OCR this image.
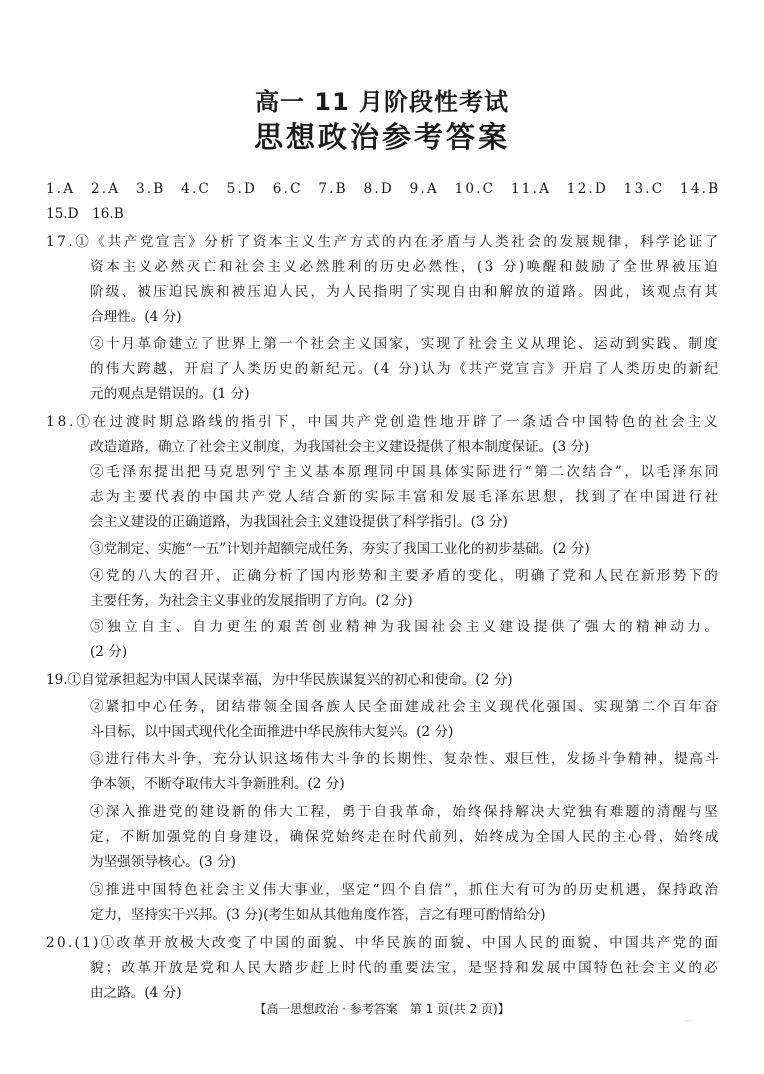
高一 11 月阶段性考试
思想政治参考答案
1.A　2.A　3.B　4.C　5.D　6.C　7.B　8.D　9.A　10.C　11.A　12.D　13.C　14.B
15.D　16.B
17.①《共产党宣言》分析了资本主义生产方式的内在矛盾与人类社会的发展规律，科学论证了
资本主义必然灭亡和社会主义必然胜利的历史必然性，(3 分)唤醒和鼓励了全世界被压迫
阶级、被压迫民族和被压迫人民，为人民指明了实现自由和解放的道路。因此，该观点有其
合理性。(4 分)
②十月革命建立了世界上第一个社会主义国家，实现了社会主义从理论、运动到实践、制度
的伟大跨越，开启了人类历史的新纪元。(4 分)认为《共产党宣言》开启了人类历史的新纪
元的观点是错误的。(1 分)
18.①在过渡时期总路线的指引下，中国共产党创造性地开辟了一条适合中国特色的社会主义
改造道路，确立了社会主义制度，为我国社会主义建设提供了根本制度保证。(3 分)
②毛泽东提出把马克思列宁主义基本原理同中国具体实际进行“第二次结合”，以毛泽东同
志为主要代表的中国共产党人结合新的实际丰富和发展毛泽东思想，找到了在中国进行社
会主义建设的正确道路，为我国社会主义建设提供了科学指引。(3 分)
③党制定、实施“一五”计划并超额完成任务，夯实了我国工业化的初步基础。(2 分)
④党的八大的召开，正确分析了国内形势和主要矛盾的变化，明确了党和人民在新形势下的
主要任务，为社会主义事业的发展指明了方向。(2 分)
⑤独立自主、自力更生的艰苦创业精神为我国社会主义建设提供了强大的精神动力。
(2 分)
19.①自觉承担起为中国人民谋幸福，为中华民族谋复兴的初心和使命。(2 分)
②紧扣中心任务，团结带领全国各族人民全面建成社会主义现代化强国、实现第二个百年奋
斗目标，以中国式现代化全面推进中华民族伟大复兴。(2 分)
③进行伟大斗争，充分认识这场伟大斗争的长期性、复杂性、艰巨性，发扬斗争精神，提高斗
争本领，不断夺取伟大斗争新胜利。(2 分)
④深入推进党的建设新的伟大工程，勇于自我革命，始终保持解决大党独有难题的清醒与坚
定，不断加强党的自身建设，确保党始终走在时代前列，始终成为全国人民的主心骨，始终成
为坚强领导核心。(3 分)
⑤推进中国特色社会主义伟大事业，坚定“四个自信”，抓住大有可为的历史机遇，保持政治
定力，坚持实干兴邦。(3 分)(考生如从其他角度作答，言之有理可酌情给分)
20.(1)①改革开放极大改变了中国的面貌、中华民族的面貌、中国人民的面貌、中国共产党的面
貌；改革开放是党和人民大踏步赶上时代的重要法宝，是坚持和发展中国特色社会主义的必
由之路。(4 分)
【高一思想政治 · 参考答案　第 1 页(共 2 页)】
...
